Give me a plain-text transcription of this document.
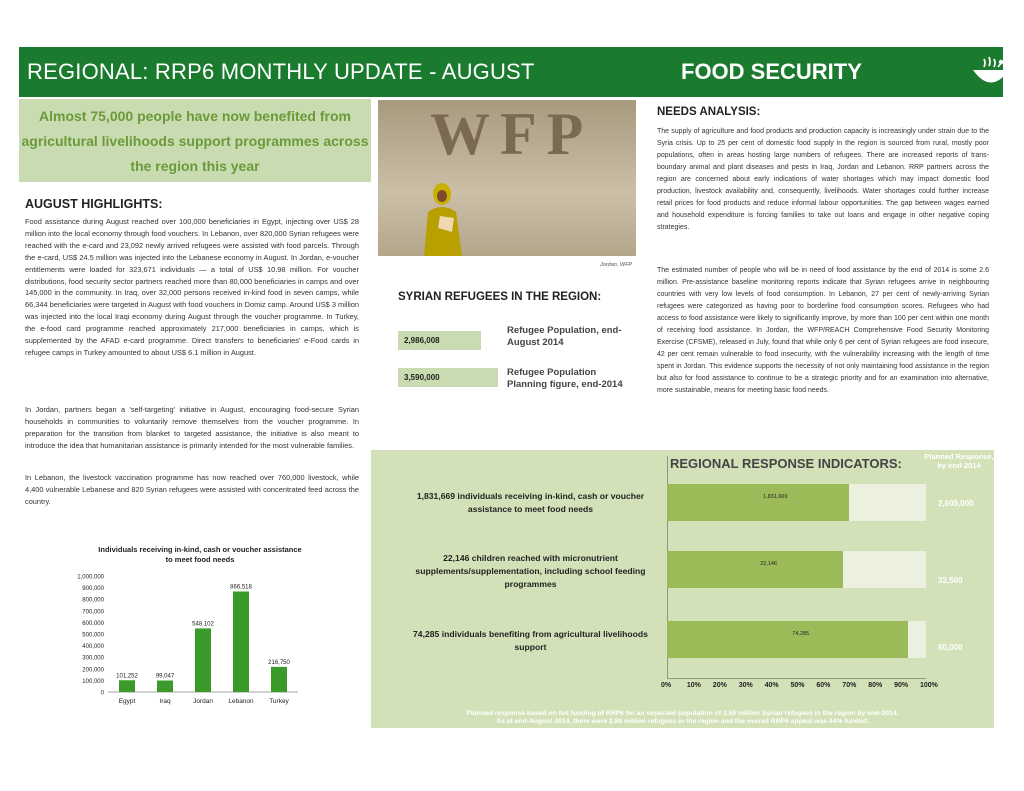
REGIONAL: RRP6 MONTHLY UPDATE - AUGUST	FOOD SECURITY
Almost 75,000 people have now benefited from agricultural livelihoods support programmes across the region this year
AUGUST HIGHLIGHTS:
Food assistance during August reached over 100,000 beneficiaries in Egypt, injecting over US$ 28 million into the local economy through food vouchers. In Lebanon, over 820,000 Syrian refugees were reached with the e-card and 23,092 newly arrived refugees were assisted with food parcels. Through the e-card, US$ 24.5 million was injected into the Lebanese economy in August. In Jordan, e-voucher entitlements were loaded for 323,671 individuals — a total of US$ 10.98 million. For voucher distributions, food security sector partners reached more than 80,000 beneficiaries in camps and over 145,000 in the community. In Iraq, over 32,000 persons received in-kind food in seven camps, while 66,344 beneficiaries were targeted in August with food vouchers in Domiz camp. Around US$ 3 million was injected into the local Iraqi economy during August through the voucher programme. In Turkey, the e-food card programme reached approximately 217,000 beneficiaries in camps, which is supplemented by the AFAD e-card programme. Direct transfers to beneficiaries' e-Food cards in refugee camps in Turkey amounted to about US$ 6.1 million in August.
In Jordan, partners began a 'self-targeting' initiative in August, encouraging food-secure Syrian households in communities to voluntarily remove themselves from the voucher programme. In preparation for the transition from blanket to targeted assistance, the initiative is also meant to introduce the idea that humanitarian assistance is primarily intended for the most vulnerable families.
In Lebanon, the livestock vaccination programme has now reached over 760,000 livestock, while 4,400 vulnerable Lebanese and 820 Syrian refugees were assisted with concentrated feed across the country.
Individuals receiving in-kind, cash or voucher assistance
to meet food needs
0
100,000
200,000
300,000
400,000
500,000
600,000
700,000
800,000
900,000
1,000,000
101,252
Egypt
99,047
Iraq
548,102
Jordan
866,518
Lebanon
216,750
Turkey
WFP
Jordan, WFP
SYRIAN REFUGEES IN THE REGION:
2,986,008
Refugee Population, end-August 2014
3,590,000	Refugee Population Planning figure, end-2014
NEEDS ANALYSIS:
The supply of agriculture and food products and production capacity is increasingly under strain due to the Syria crisis. Up to 25 per cent of domestic food supply in the region is sourced from rural, mostly poor populations, often in areas hosting large numbers of refugees. There are increased reports of trans-boundary animal and plant diseases and pests in Iraq, Jordan and Lebanon. RRP partners across the region are concerned about early indications of water shortages which may impact domestic food production, livestock availability and, consequently, livelihoods. Water shortages could further increase retail prices for food products and reduce informal labour opportunities. The gap between wages earned and household expenditure is forcing families to take out loans and engage in other negative coping strategies.
The estimated number of people who will be in need of food assistance by the end of 2014 is some 2.6 million. Pre-assistance baseline monitoring reports indicate that Syrian refugees arrive in neighbouring countries with very low levels of food consumption. In Lebanon, 27 per cent of newly-arriving Syrian refugees were categorized as having poor to borderline food consumption scores. Refugees who had access to food assistance were likely to significantly improve, by more than 100 per cent within one month of receiving food assistance. In Jordan, the WFP/REACH Comprehensive Food Security Monitoring Exercise (CFSME), released in July, found that while only 6 per cent of Syrian refugees are food insecure, 42 per cent remain vulnerable to food insecurity, with the vulnerability increasing with the length of time spent in Jordan. This evidence supports the necessity of not only maintaining food assistance in the region but also for food assistance to continue to be a strategic priority and for an examination into alternative, more sustainable, means for meeting basic food needs.
REGIONAL RESPONSE INDICATORS:	Planned Response, by end-2014
1,831,669 individuals receiving in-kind, cash or voucher assistance to meet food needs
1,831,669
2,605,000
22,146 children reached with micronutrient supplements/supplementation, including school feeding programmes
22,146
32,500
74,285 individuals benefiting from agricultural livelihoods support
74,285
80,000
0% 10% 20% 30% 40% 50% 60% 70% 80% 90% 100%
Planned response based on full funding of RRP6 for an expected population of 3.59 million Syrian refugees in the region by end-2014.
As at end-August 2014, there were 2.88 million refugees in the region and the overall RRP6 appeal was 44% funded.
